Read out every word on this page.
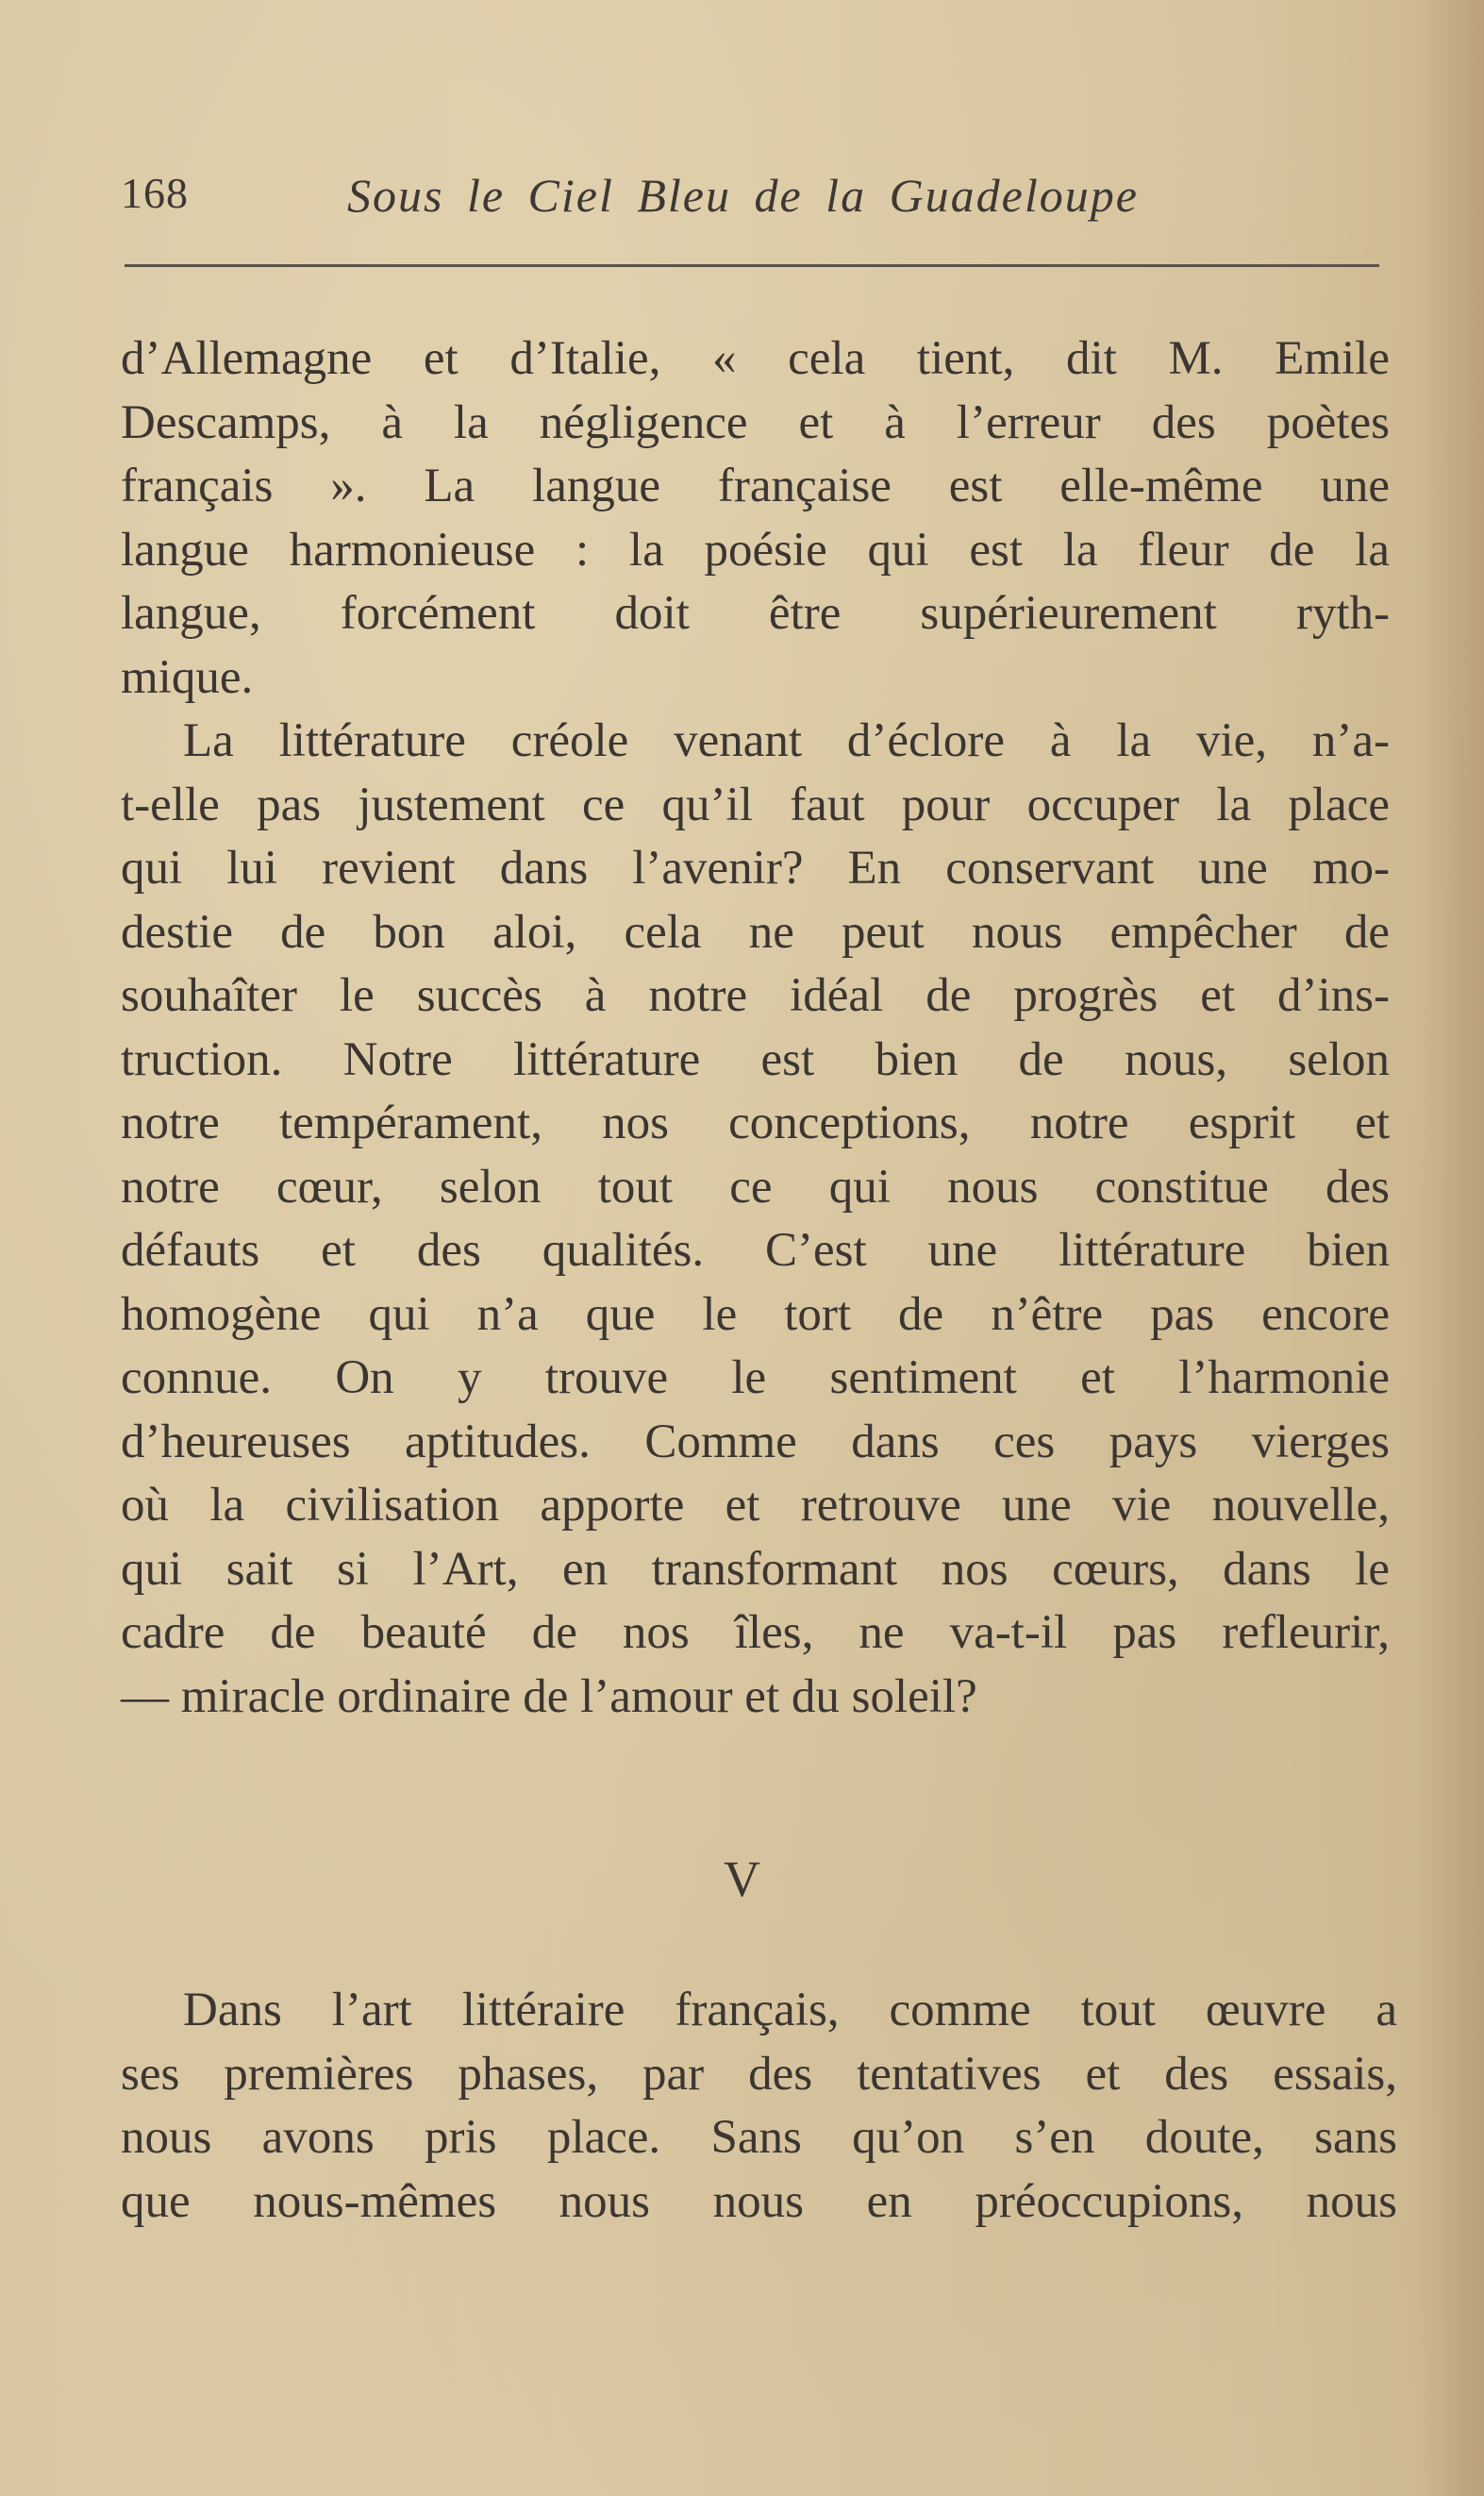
168	Sous le Ciel Bleu de la Guadeloupe
d’Allemagne et d’Italie, « cela tient, dit M. Emile
Descamps, à la négligence et à l’erreur des poètes
français ». La langue française est elle-même une
langue harmonieuse : la poésie qui est la fleur de la
langue, forcément doit être supérieurement ryth-
mique.
La littérature créole venant d’éclore à la vie, n’a-
t-elle pas justement ce qu’il faut pour occuper la place
qui lui revient dans l’avenir? En conservant une mo-
destie de bon aloi, cela ne peut nous empêcher de
souhaîter le succès à notre idéal de progrès et d’ins-
truction. Notre littérature est bien de nous, selon
notre tempérament, nos conceptions, notre esprit et
notre cœur, selon tout ce qui nous constitue des
défauts et des qualités. C’est une littérature bien
homogène qui n’a que le tort de n’être pas encore
connue. On y trouve le sentiment et l’harmonie
d’heureuses aptitudes. Comme dans ces pays vierges
où la civilisation apporte et retrouve une vie nouvelle,
qui sait si l’Art, en transformant nos cœurs, dans le
cadre de beauté de nos îles, ne va-t-il pas refleurir,
— miracle ordinaire de l’amour et du soleil?
V
Dans l’art littéraire français, comme tout œuvre a
ses premières phases, par des tentatives et des essais,
nous avons pris place. Sans qu’on s’en doute, sans
que nous-mêmes nous nous en préoccupions, nous
